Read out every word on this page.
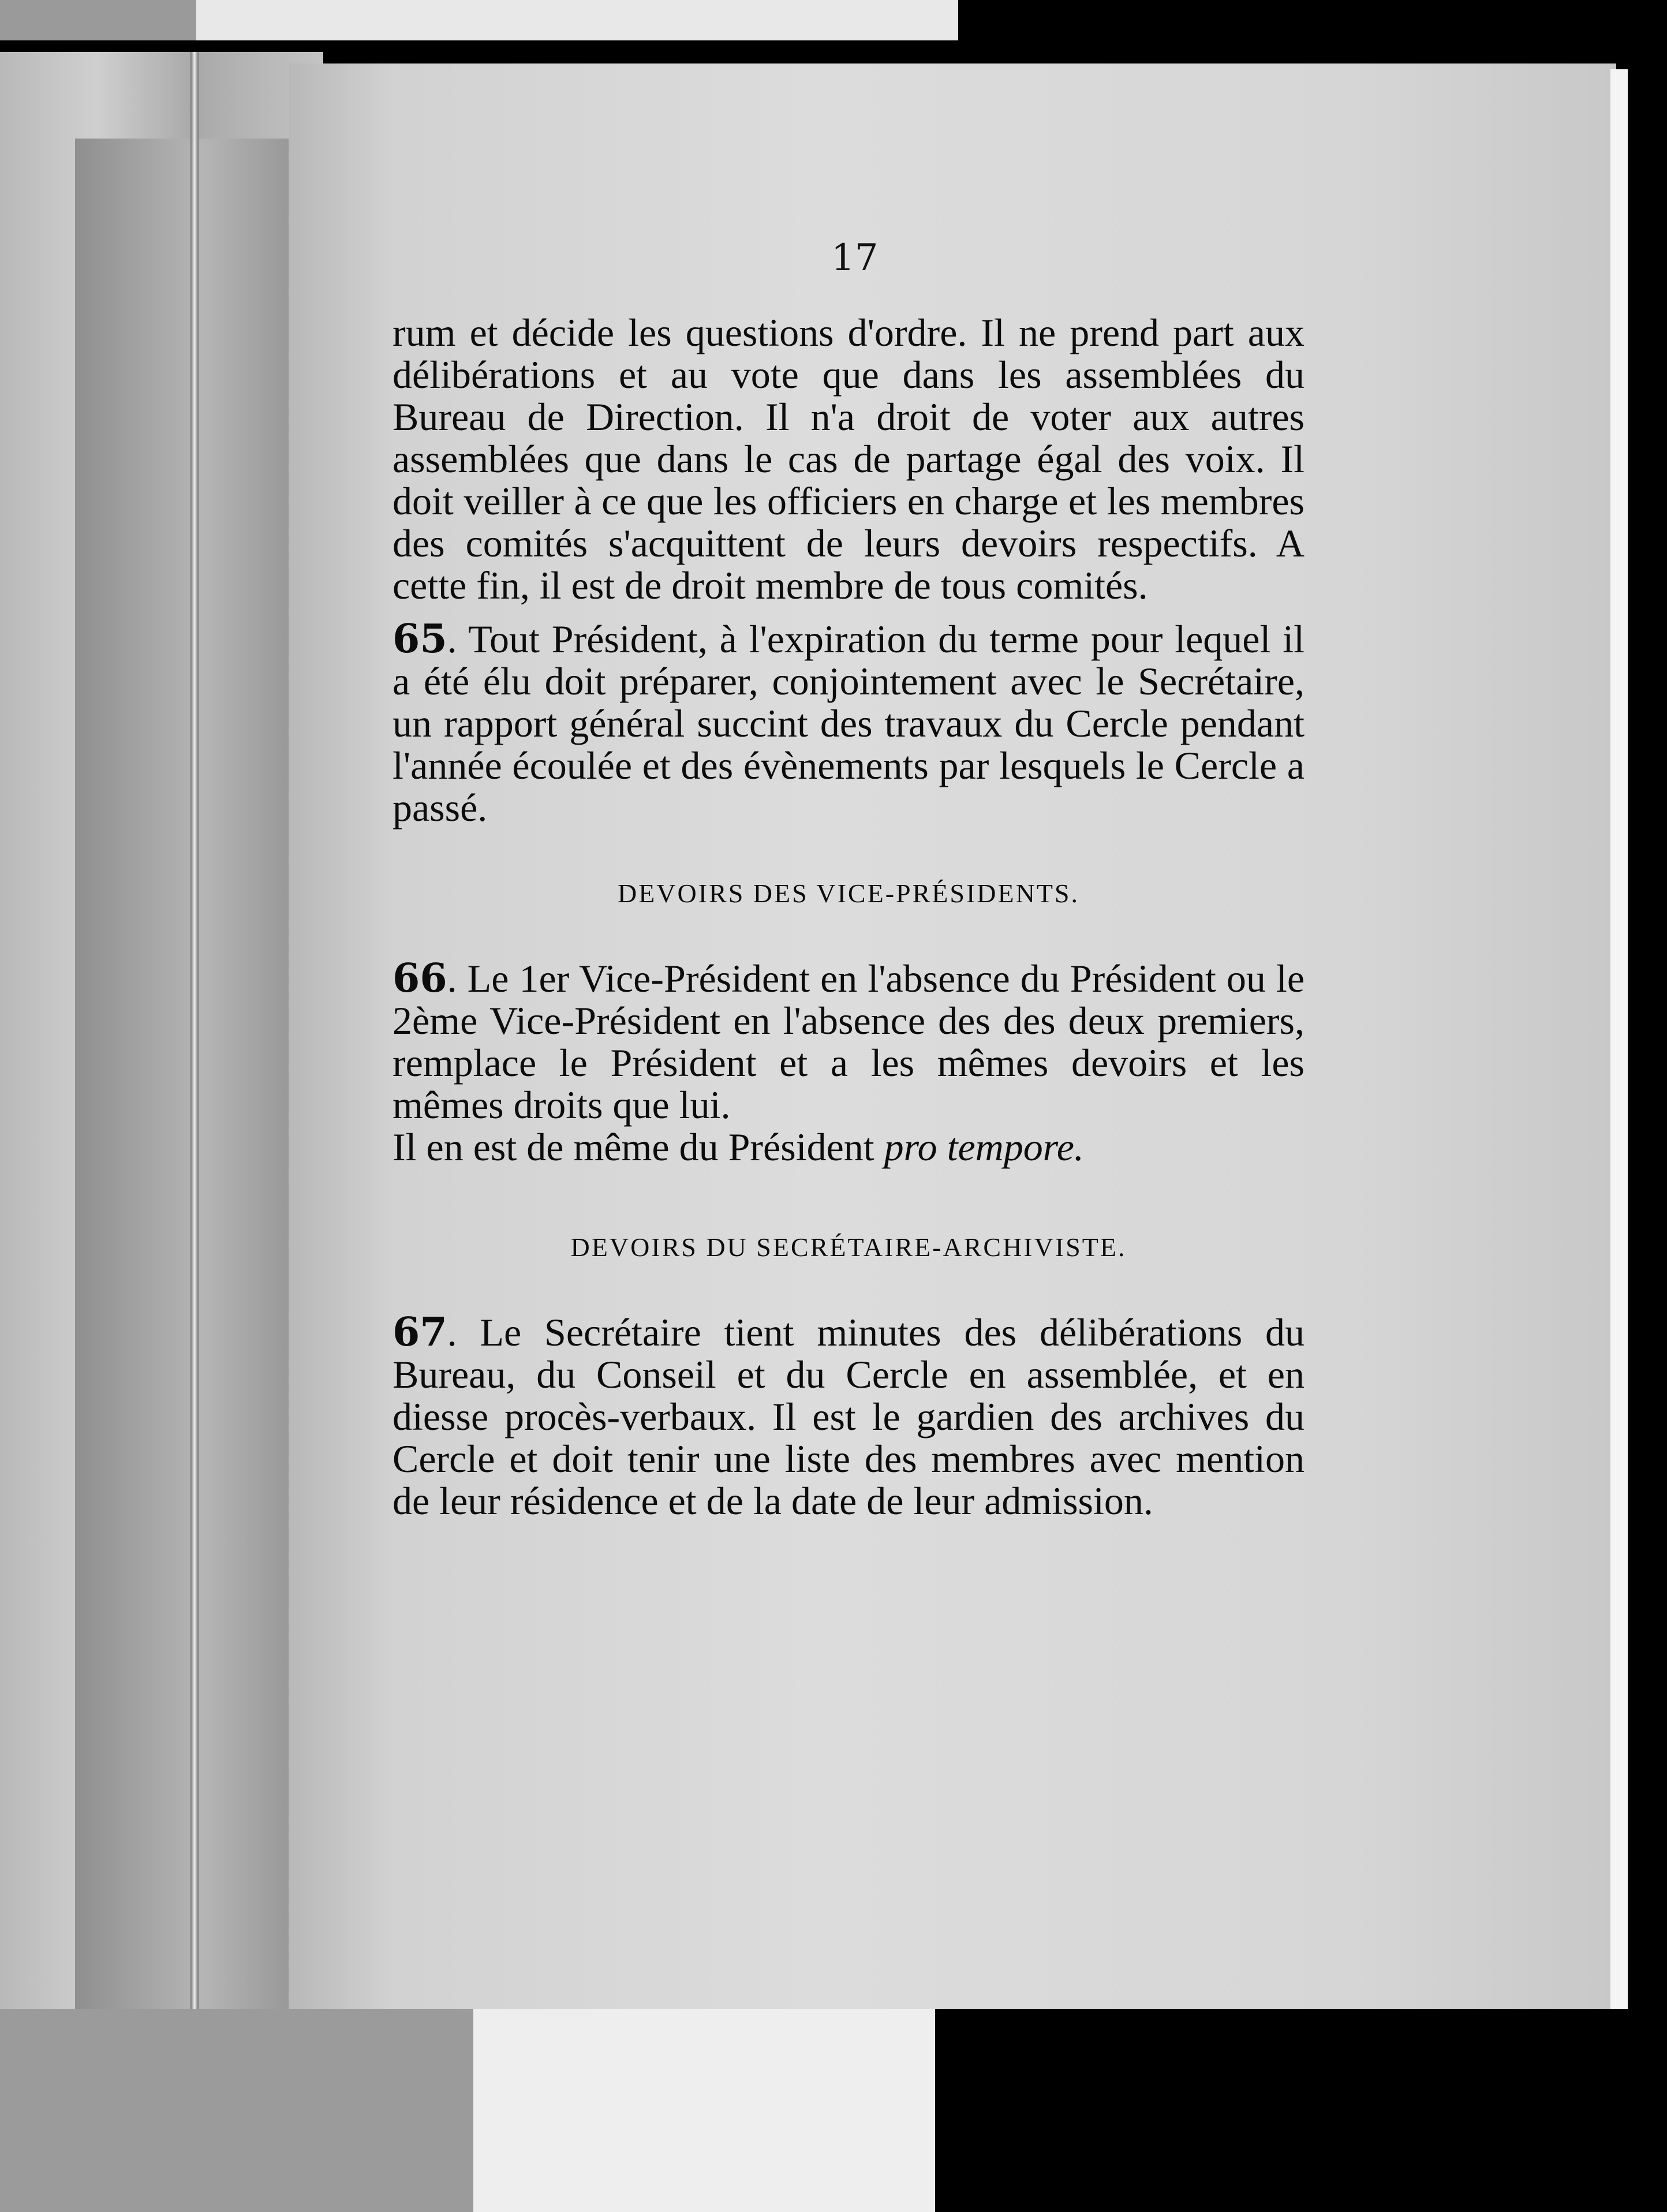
17

rum et décide les questions d'ordre. Il ne prend part aux délibérations et au vote que dans les assemblées du Bureau de Direction. Il n'a droit de voter aux autres assemblées que dans le cas de partage égal des voix. Il doit veiller à ce que les officiers en charge et les membres des comités s'acquittent de leurs devoirs respectifs. A cette fin, il est de droit membre de tous comités.

65. Tout Président, à l'expiration du terme pour lequel il a été élu doit préparer, conjointement avec le Secrétaire, un rapport général succint des travaux du Cercle pendant l'année écoulée et des évènements par lesquels le Cercle a passé.

DEVOIRS DES VICE-PRÉSIDENTS.

66. Le 1er Vice-Président en l'absence du Président ou le 2ème Vice-Président en l'absence des des deux premiers, remplace le Président et a les mêmes devoirs et les mêmes droits que lui.

Il en est de même du Président pro tempore.

DEVOIRS DU SECRÉTAIRE-ARCHIVISTE.

67. Le Secrétaire tient minutes des délibérations du Bureau, du Conseil et du Cercle en assemblée, et en diesse procès-verbaux. Il est le gardien des archives du Cercle et doit tenir une liste des membres avec mention de leur résidence et de la date de leur admission.
